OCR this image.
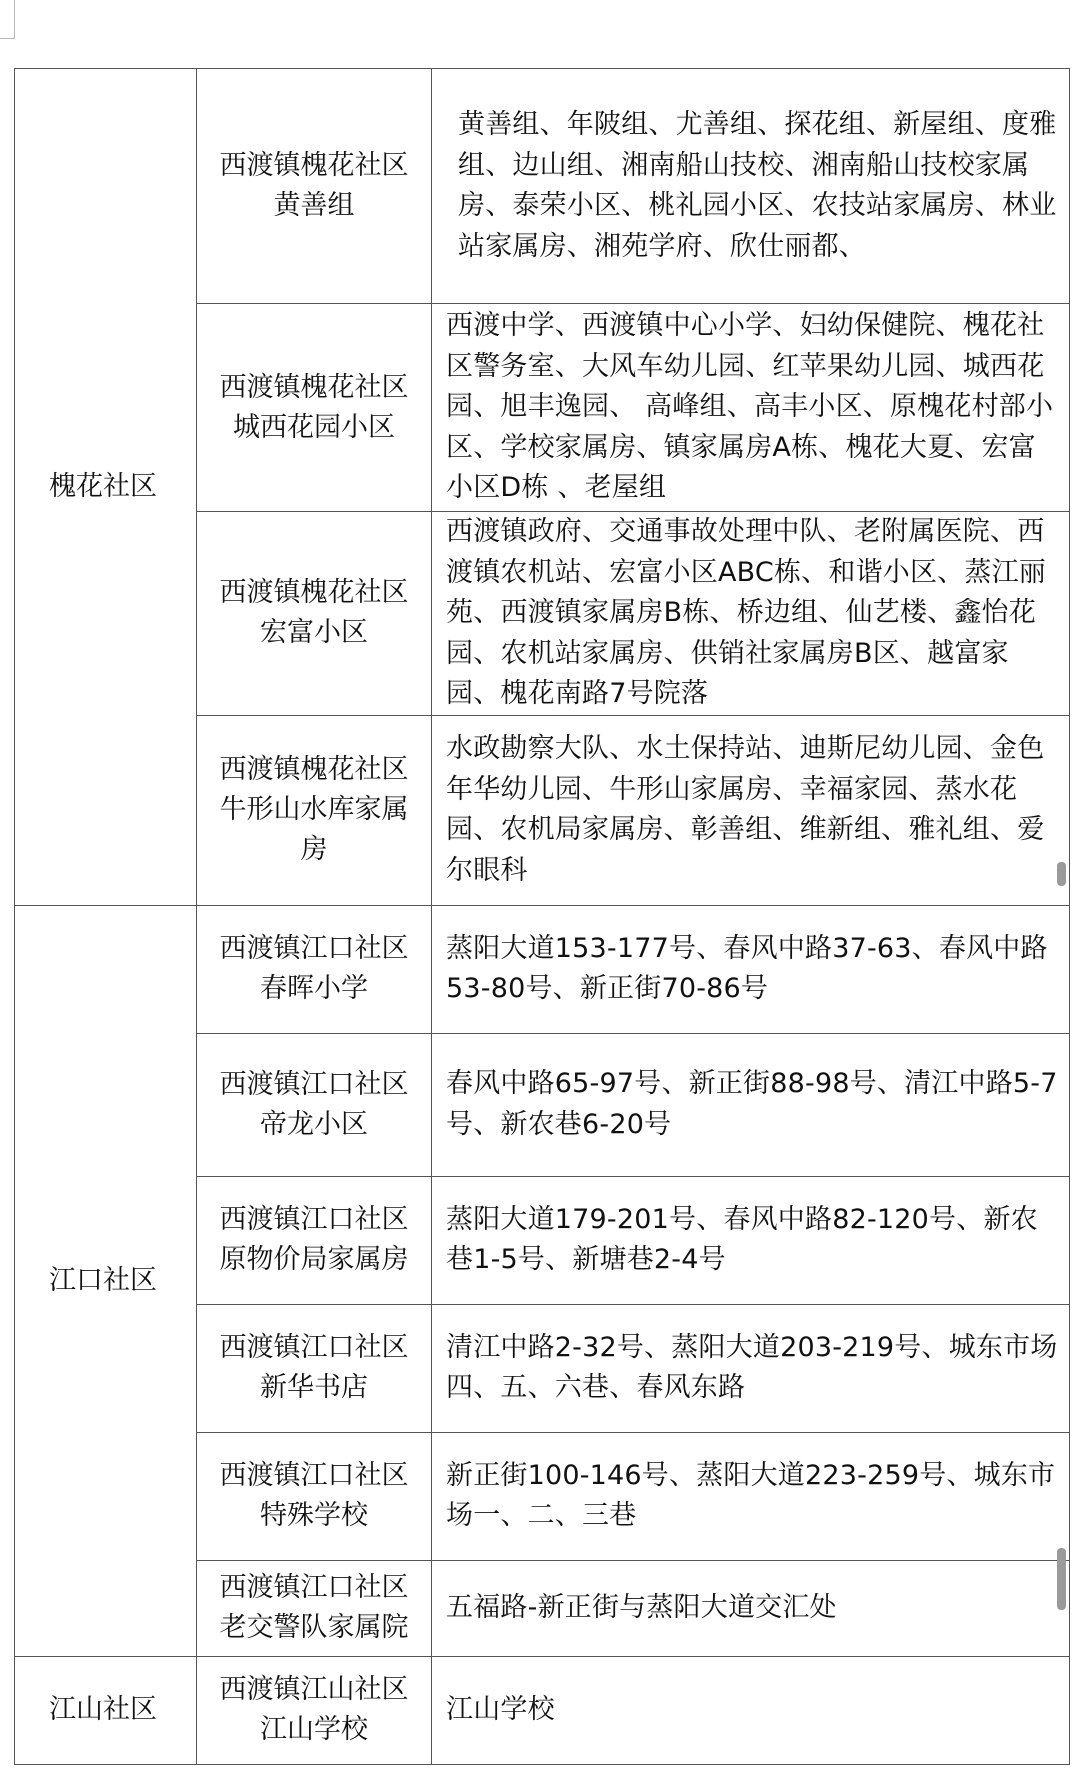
槐花社区	西渡镇槐花社区黄善组	黄善组、年陂组、尤善组、探花组、新屋组、度雅组、边山组、湘南船山技校、湘南船山技校家属房、泰荣小区、桃礼园小区、农技站家属房、林业站家属房、湘苑学府、欣仕丽都、

	西渡镇槐花社区城西花园小区	西渡中学、西渡镇中心小学、妇幼保健院、槐花社区警务室、大风车幼儿园、红苹果幼儿园、城西花园、旭丰逸园、 高峰组、高丰小区、原槐花村部小区、学校家属房、镇家属房A栋、槐花大夏、宏富小区D栋 、老屋组

	西渡镇槐花社区宏富小区	西渡镇政府、交通事故处理中队、老附属医院、西渡镇农机站、宏富小区ABC栋、和谐小区、蒸江丽苑、西渡镇家属房B栋、桥边组、仙艺楼、鑫怡花园、农机站家属房、供销社家属房B区、越富家园、槐花南路7号院落

	西渡镇槐花社区牛形山水库家属房	水政勘察大队、水土保持站、迪斯尼幼儿园、金色年华幼儿园、牛形山家属房、幸福家园、蒸水花园、农机局家属房、彰善组、维新组、雅礼组、爱尔眼科

江口社区	西渡镇江口社区春晖小学	蒸阳大道153-177号、春风中路37-63、春风中路53-80号、新正街70-86号

	西渡镇江口社区帝龙小区	春风中路65-97号、新正街88-98号、清江中路5-7号、新农巷6-20号

	西渡镇江口社区原物价局家属房	蒸阳大道179-201号、春风中路82-120号、新农巷1-5号、新塘巷2-4号

	西渡镇江口社区新华书店	清江中路2-32号、蒸阳大道203-219号、城东市场四、五、六巷、春风东路

	西渡镇江口社区特殊学校	新正街100-146号、蒸阳大道223-259号、城东市场一、二、三巷

	西渡镇江口社区老交警队家属院	五福路-新正街与蒸阳大道交汇处

江山社区	西渡镇江山社区江山学校	江山学校
